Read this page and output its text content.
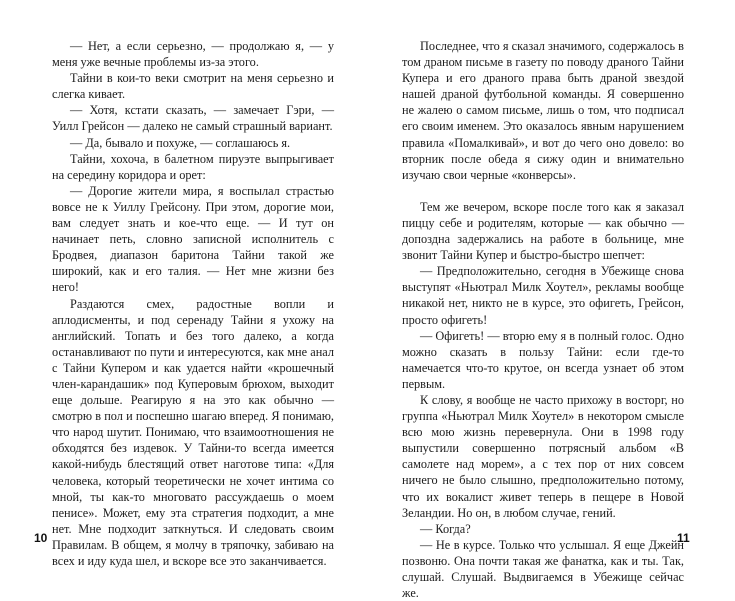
— Нет, а если серьезно, — продолжаю я, — у меня уже вечные проблемы из-за этого.

Тайни в кои-то веки смотрит на меня серьезно и слегка кивает.

— Хотя, кстати сказать, — замечает Гэри, — Уилл Грейсон — далеко не самый страшный вариант.

— Да, бывало и похуже, — соглашаюсь я.

Тайни, хохоча, в балетном пируэте выпрыгивает на середину коридора и орет:

— Дорогие жители мира, я воспылал страстью вовсе не к Уиллу Грейсону. При этом, дорогие мои, вам следует знать и кое-что еще. — И тут он начинает петь, словно записной исполнитель с Бродвея, диапазон баритона Тайни такой же широкий, как и его талия. — Нет мне жизни без него!

Раздаются смех, радостные вопли и аплодисменты, и под серенаду Тайни я ухожу на английский. Топать и без того далеко, а когда останавливают по пути и интересуются, как мне анал с Тайни Купером и как удается найти «крошечный член-карандашик» под Куперовым брюхом, выходит еще дольше. Реагирую я на это как обычно — смотрю в пол и поспешно шагаю вперед. Я понимаю, что народ шутит. Понимаю, что взаимоотношения не обходятся без издевок. У Тайни-то всегда имеется какой-нибудь блестящий ответ наготове типа: «Для человека, который теоретически не хочет интима со мной, ты как-то многовато рассуждаешь о моем пенисе». Может, ему эта стратегия подходит, а мне нет. Мне подходит заткнуться. И следовать своим Правилам. В общем, я молчу в тряпочку, забиваю на всех и иду куда шел, и вскоре все это заканчивается.

Последнее, что я сказал значимого, содержалось в том драном письме в газету по поводу драного Тайни Купера и его драного права быть драной звездой нашей драной футбольной команды. Я совершенно не жалею о самом письме, лишь о том, что подписал его своим именем. Это оказалось явным нарушением правила «Помалкивай», и вот до чего оно довело: во вторник после обеда я сижу один и внимательно изучаю свои черные «конверсы».

Тем же вечером, вскоре после того как я заказал пиццу себе и родителям, которые — как обычно — допоздна задержались на работе в больнице, мне звонит Тайни Купер и быстро-быстро шепчет:

— Предположительно, сегодня в Убежище снова выступят «Ньютрал Милк Хоутел», рекламы вообще никакой нет, никто не в курсе, это офигеть, Грейсон, просто офигеть!

— Офигеть! — вторю ему я в полный голос. Одно можно сказать в пользу Тайни: если где-то намечается что-то крутое, он всегда узнает об этом первым.

К слову, я вообще не часто прихожу в восторг, но группа «Ньютрал Милк Хоутел» в некотором смысле всю мою жизнь перевернула. Они в 1998 году выпустили совершенно потрясный альбом «В самолете над морем», а с тех пор от них совсем ничего не было слышно, предположительно потому, что их вокалист живет теперь в пещере в Новой Зеландии. Но он, в любом случае, гений.

— Когда?

— Не в курсе. Только что услышал. Я еще Джейн позвоню. Она почти такая же фанатка, как и ты. Так, слушай. Слушай. Выдвигаемся в Убежище сейчас же.

10	11
